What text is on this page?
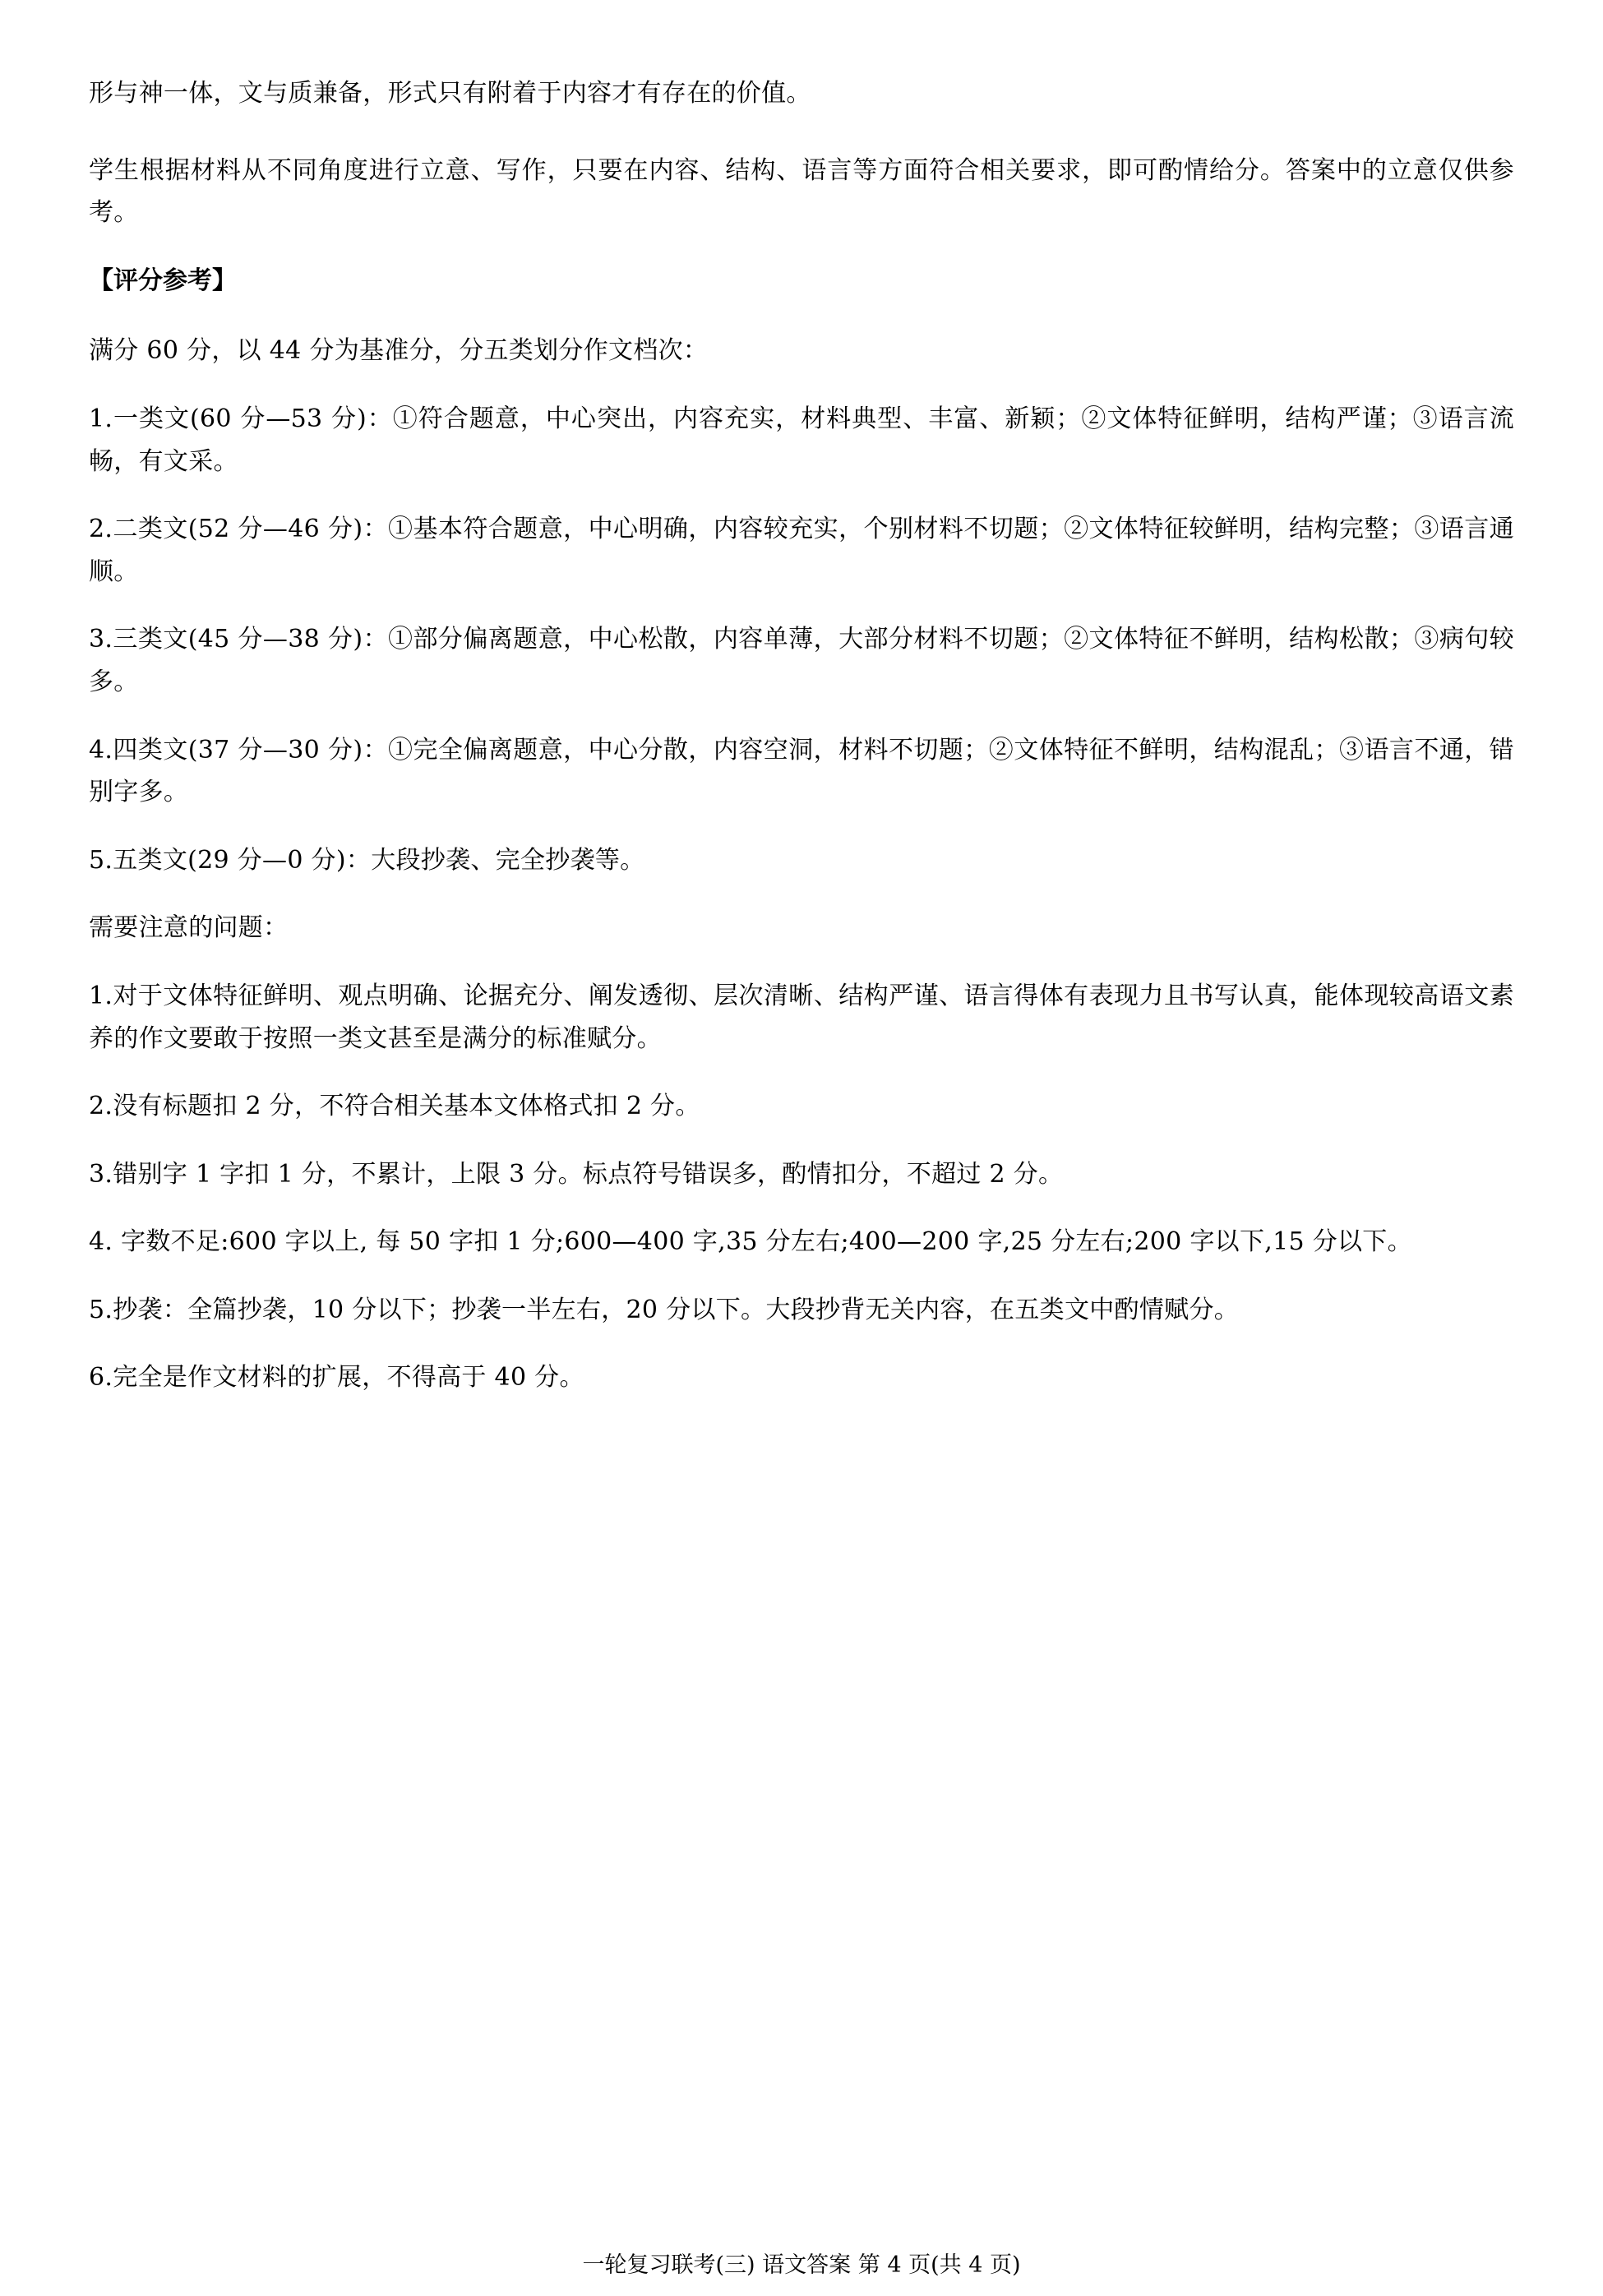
形与神一体，文与质兼备，形式只有附着于内容才有存在的价值。

学生根据材料从不同角度进行立意、写作，只要在内容、结构、语言等方面符合相关要求，即可酌情给分。答案中的立意仅供参考。

【评分参考】

满分 60 分，以 44 分为基准分，分五类划分作文档次：

1.一类文(60 分—53 分)：①符合题意，中心突出，内容充实，材料典型、丰富、新颖；②文体特征鲜明，结构严谨；③语言流畅，有文采。

2.二类文(52 分—46 分)：①基本符合题意，中心明确，内容较充实，个别材料不切题；②文体特征较鲜明，结构完整；③语言通顺。

3.三类文(45 分—38 分)：①部分偏离题意，中心松散，内容单薄，大部分材料不切题；②文体特征不鲜明，结构松散；③病句较多。

4.四类文(37 分—30 分)：①完全偏离题意，中心分散，内容空洞，材料不切题；②文体特征不鲜明，结构混乱；③语言不通，错别字多。

5.五类文(29 分—0 分)：大段抄袭、完全抄袭等。

需要注意的问题：

1.对于文体特征鲜明、观点明确、论据充分、阐发透彻、层次清晰、结构严谨、语言得体有表现力且书写认真，能体现较高语文素养的作文要敢于按照一类文甚至是满分的标准赋分。

2.没有标题扣 2 分，不符合相关基本文体格式扣 2 分。

3.错别字 1 字扣 1 分，不累计，上限 3 分。标点符号错误多，酌情扣分，不超过 2 分。

4. 字数不足:600 字以上, 每 50 字扣 1 分;600—400 字,35 分左右;400—200 字,25 分左右;200 字以下,15 分以下。

5.抄袭：全篇抄袭，10 分以下；抄袭一半左右，20 分以下。大段抄背无关内容，在五类文中酌情赋分。

6.完全是作文材料的扩展，不得高于 40 分。

一轮复习联考(三) 语文答案 第 4 页(共 4 页)
